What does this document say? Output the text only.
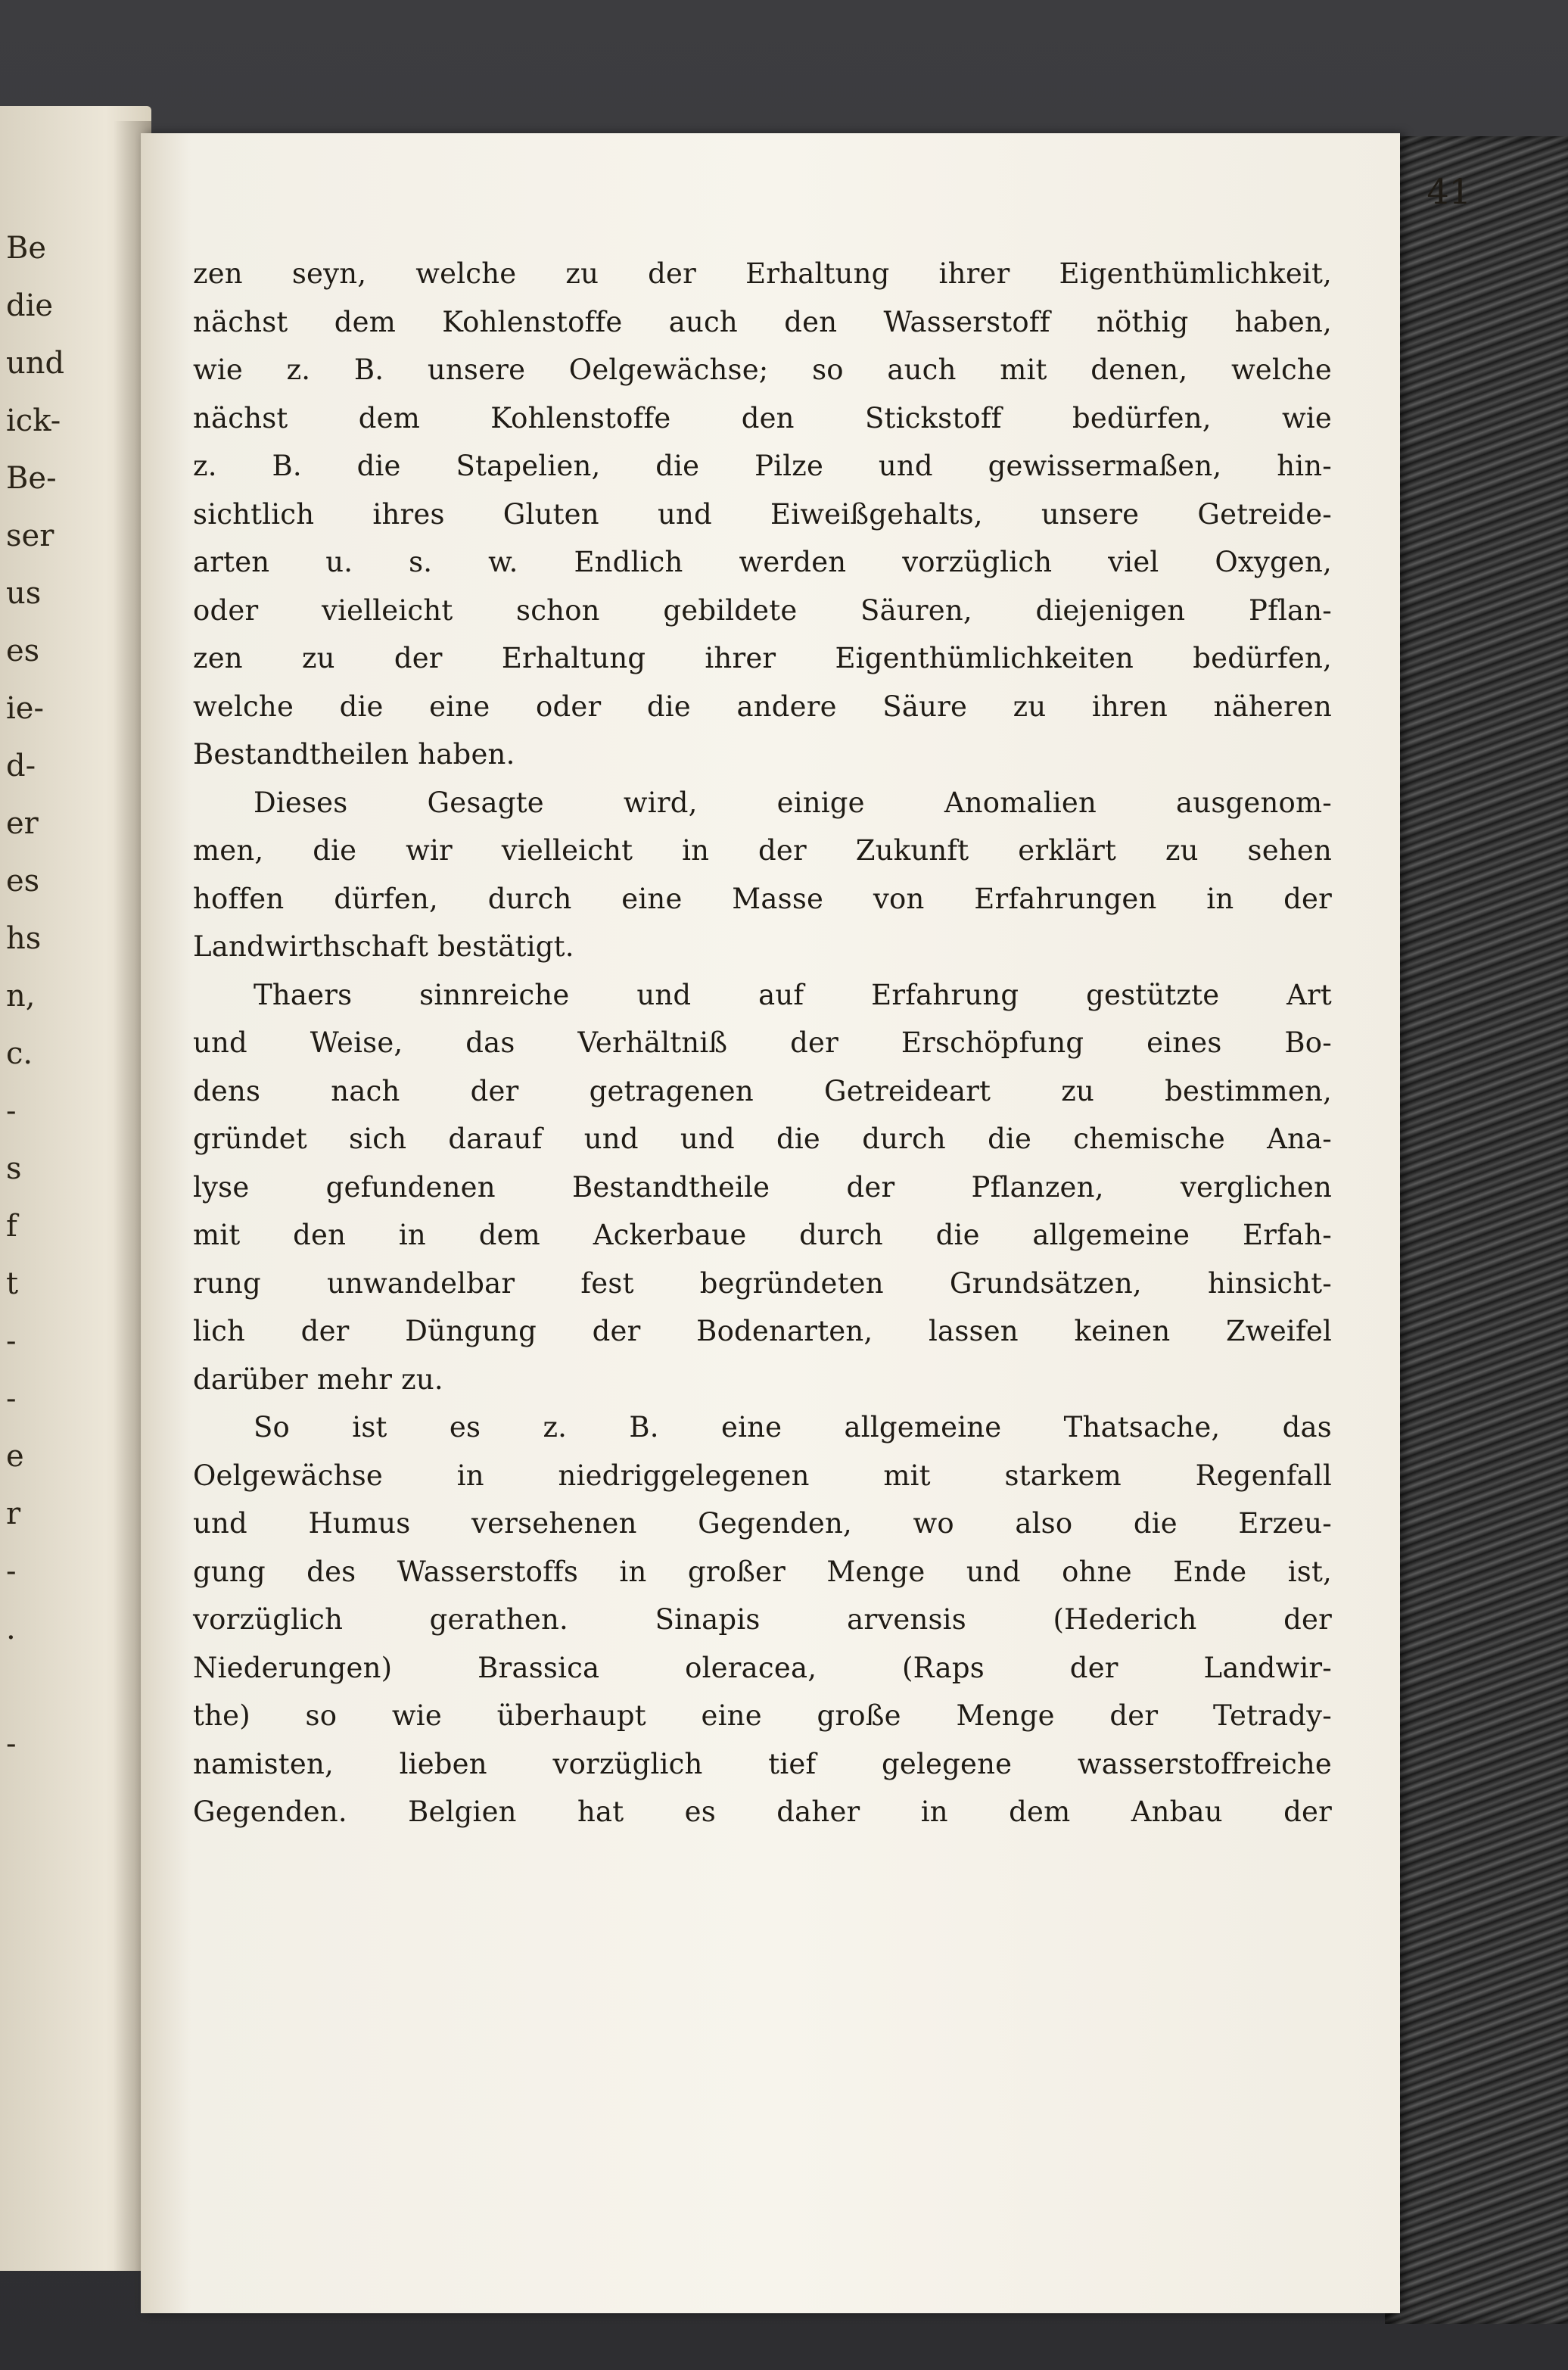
Be
die
und
ick-
Be-
ser
us
es
ie-
d-
er
es
hs
n,
c.
-
s
f
t
-
-
e
r
-
.
-
41
zen seyn, welche zu der Erhaltung ihrer Eigenthümlichkeit,
nächst dem Kohlenstoffe auch den Wasserstoff nöthig haben,
wie z. B. unsere Oelgewächse; so auch mit denen, welche
nächst dem Kohlenstoffe den Stickstoff bedürfen, wie
z. B. die Stapelien, die Pilze und gewissermaßen, hin-
sichtlich ihres Gluten und Eiweißgehalts, unsere Getreide-
arten u. s. w. Endlich werden vorzüglich viel Oxygen,
oder vielleicht schon gebildete Säuren, diejenigen Pflan-
zen zu der Erhaltung ihrer Eigenthümlichkeiten bedürfen,
welche die eine oder die andere Säure zu ihren näheren
Bestandtheilen haben.
Dieses Gesagte wird, einige Anomalien ausgenom-
men, die wir vielleicht in der Zukunft erklärt zu sehen
hoffen dürfen, durch eine Masse von Erfahrungen in der
Landwirthschaft bestätigt.
Thaers sinnreiche und auf Erfahrung gestützte Art
und Weise, das Verhältniß der Erschöpfung eines Bo-
dens nach der getragenen Getreideart zu bestimmen,
gründet sich darauf und und die durch die chemische Ana-
lyse gefundenen Bestandtheile der Pflanzen, verglichen
mit den in dem Ackerbaue durch die allgemeine Erfah-
rung unwandelbar fest begründeten Grundsätzen, hinsicht-
lich der Düngung der Bodenarten, lassen keinen Zweifel
darüber mehr zu.
So ist es z. B. eine allgemeine Thatsache, das
Oelgewächse in niedriggelegenen mit starkem Regenfall
und Humus versehenen Gegenden, wo also die Erzeu-
gung des Wasserstoffs in großer Menge und ohne Ende ist,
vorzüglich gerathen. Sinapis arvensis (Hederich der
Niederungen) Brassica oleracea, (Raps der Landwir-
the) so wie überhaupt eine große Menge der Tetrady-
namisten, lieben vorzüglich tief gelegene wasserstoffreiche
Gegenden. Belgien hat es daher in dem Anbau der
